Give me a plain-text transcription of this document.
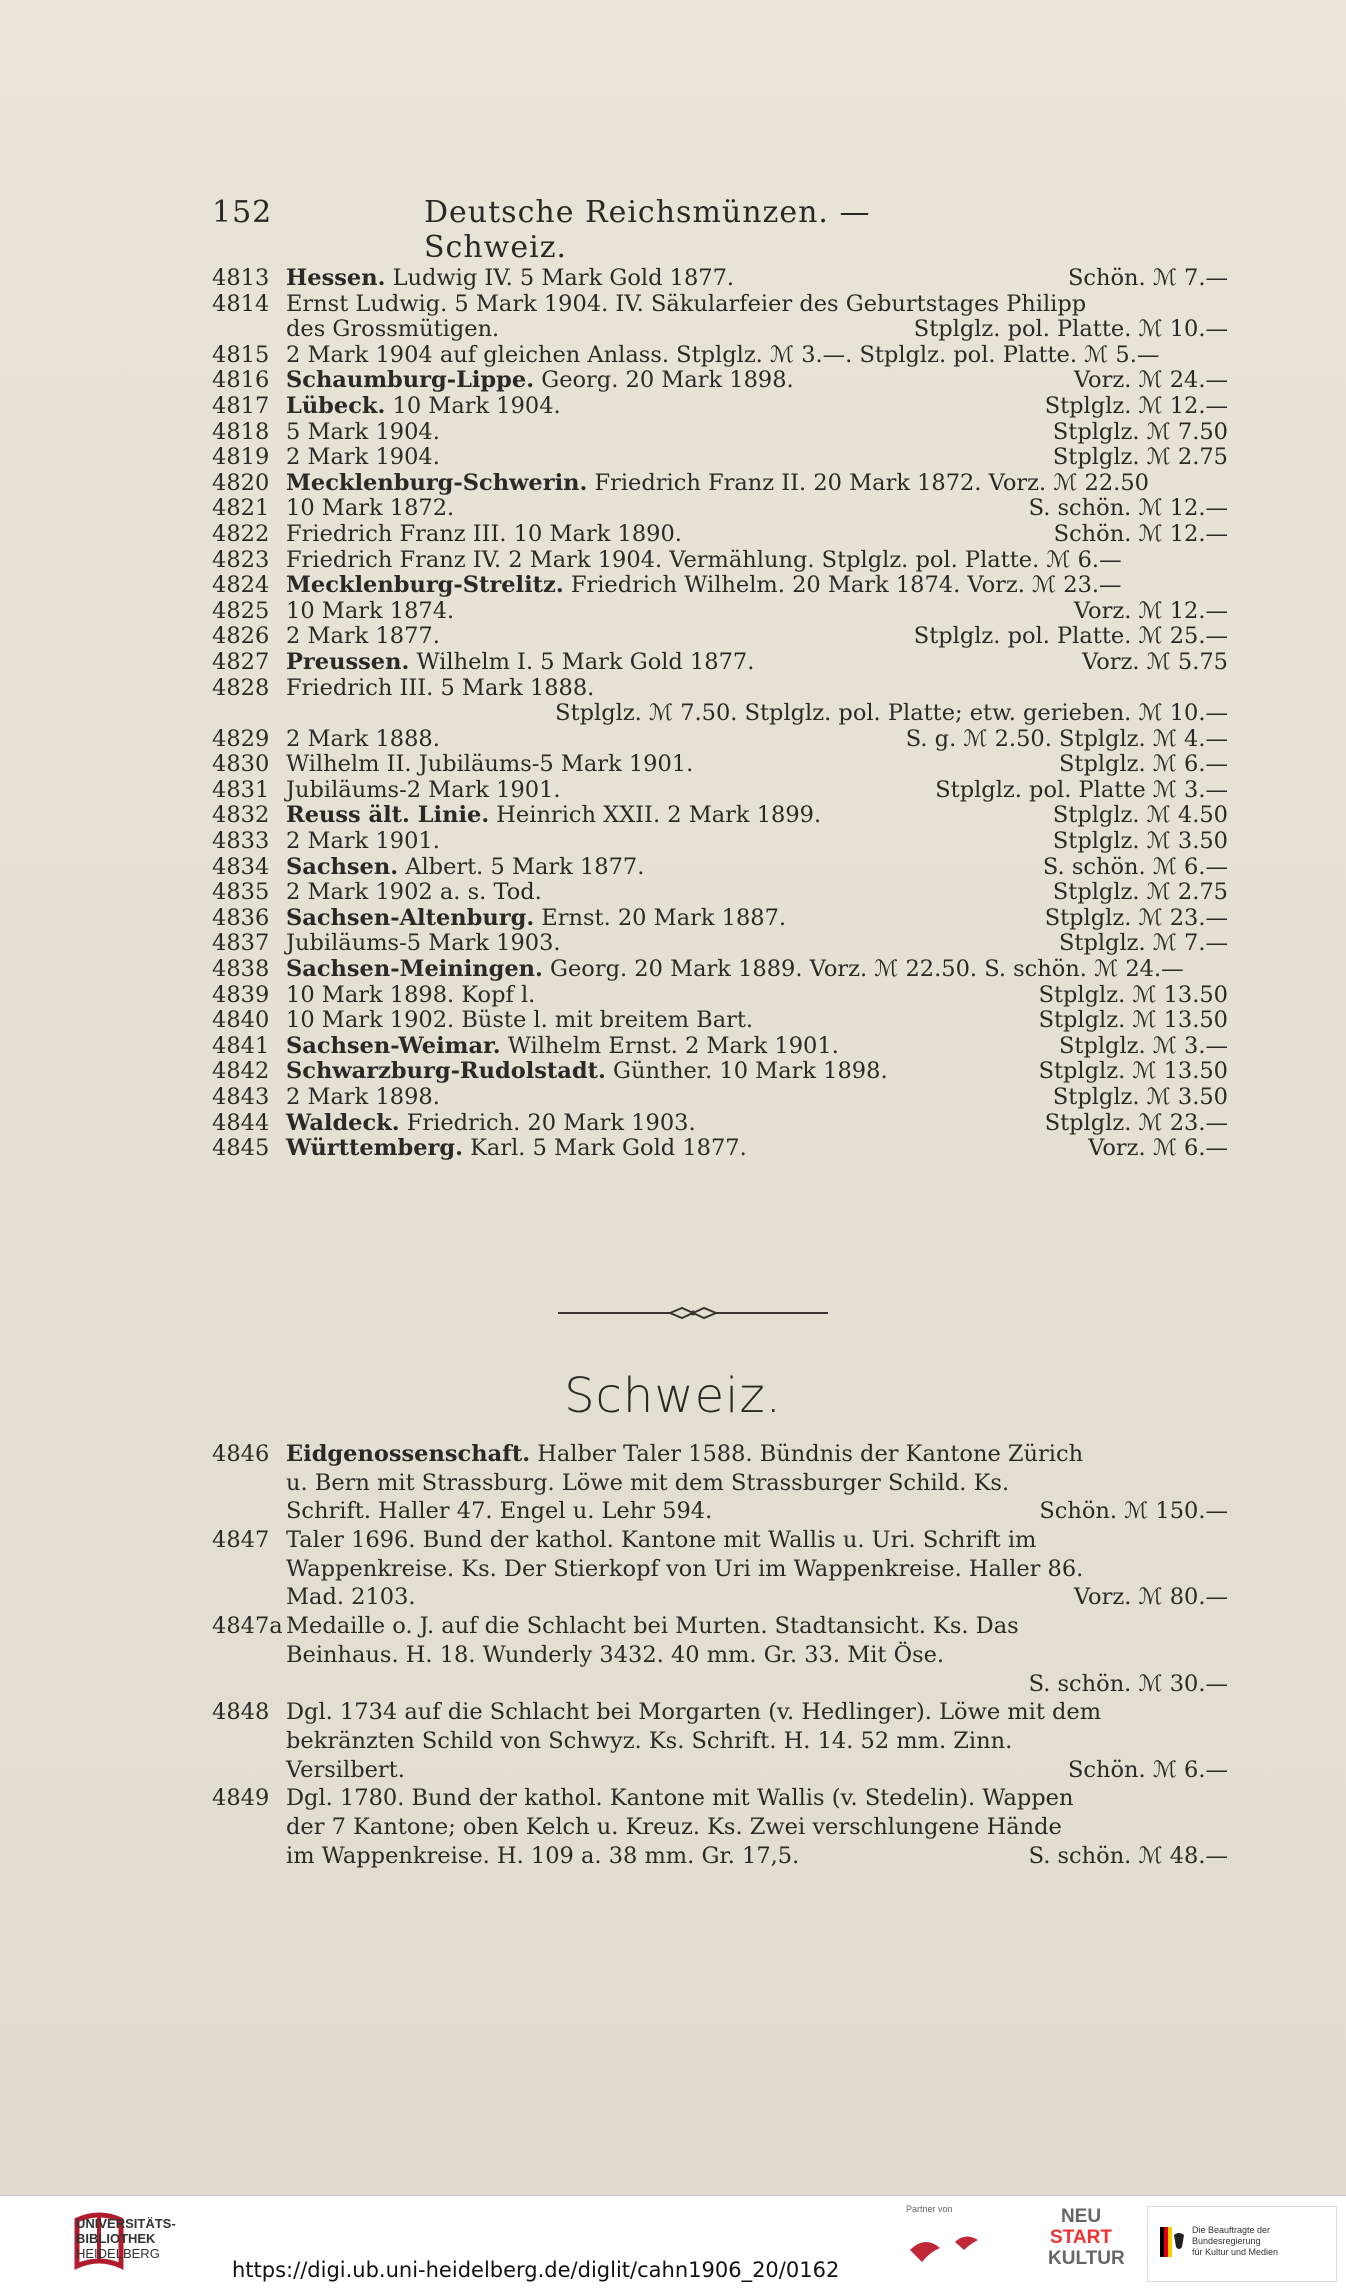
152	Deutsche Reichsmünzen. — Schweiz.
4813 Hessen. Ludwig IV. 5 Mark Gold 1877.	Schön. ℳ 7.—
4814 Ernst Ludwig. 5 Mark 1904. IV. Säkularfeier des Geburtstages Philipp
des Grossmütigen.	Stplglz. pol. Platte. ℳ 10.—
4815 2 Mark 1904 auf gleichen Anlass. Stplglz. ℳ 3.—. Stplglz. pol. Platte. ℳ 5.—
4816 Schaumburg-Lippe. Georg. 20 Mark 1898.	Vorz. ℳ 24.—
4817 Lübeck. 10 Mark 1904.	Stplglz. ℳ 12.—
4818 5 Mark 1904.	Stplglz. ℳ 7.50
4819 2 Mark 1904.	Stplglz. ℳ 2.75
4820 Mecklenburg-Schwerin. Friedrich Franz II. 20 Mark 1872. Vorz. ℳ 22.50
4821 10 Mark 1872.	S. schön. ℳ 12.—
4822 Friedrich Franz III. 10 Mark 1890.	Schön. ℳ 12.—
4823 Friedrich Franz IV. 2 Mark 1904. Vermählung. Stplglz. pol. Platte. ℳ 6.—
4824 Mecklenburg-Strelitz. Friedrich Wilhelm. 20 Mark 1874. Vorz. ℳ 23.—
4825 10 Mark 1874.	Vorz. ℳ 12.—
4826 2 Mark 1877.	Stplglz. pol. Platte. ℳ 25.—
4827 Preussen. Wilhelm I. 5 Mark Gold 1877.	Vorz. ℳ 5.75
4828 Friedrich III. 5 Mark 1888.
Stplglz. ℳ 7.50. Stplglz. pol. Platte; etw. gerieben. ℳ 10.—
4829 2 Mark 1888.	S. g. ℳ 2.50. Stplglz. ℳ 4.—
4830 Wilhelm II. Jubiläums-5 Mark 1901.	Stplglz. ℳ 6.—
4831 Jubiläums-2 Mark 1901.	Stplglz. pol. Platte ℳ 3.—
4832 Reuss ält. Linie. Heinrich XXII. 2 Mark 1899.	Stplglz. ℳ 4.50
4833 2 Mark 1901.	Stplglz. ℳ 3.50
4834 Sachsen. Albert. 5 Mark 1877.	S. schön. ℳ 6.—
4835 2 Mark 1902 a. s. Tod.	Stplglz. ℳ 2.75
4836 Sachsen-Altenburg. Ernst. 20 Mark 1887.	Stplglz. ℳ 23.—
4837 Jubiläums-5 Mark 1903.	Stplglz. ℳ 7.—
4838 Sachsen-Meiningen. Georg. 20 Mark 1889. Vorz. ℳ 22.50. S. schön. ℳ 24.—
4839 10 Mark 1898. Kopf l.	Stplglz. ℳ 13.50
4840 10 Mark 1902. Büste l. mit breitem Bart.	Stplglz. ℳ 13.50
4841 Sachsen-Weimar. Wilhelm Ernst. 2 Mark 1901.	Stplglz. ℳ 3.—
4842 Schwarzburg-Rudolstadt. Günther. 10 Mark 1898.	Stplglz. ℳ 13.50
4843 2 Mark 1898.	Stplglz. ℳ 3.50
4844 Waldeck. Friedrich. 20 Mark 1903.	Stplglz. ℳ 23.—
4845 Württemberg. Karl. 5 Mark Gold 1877.	Vorz. ℳ 6.—
Schweiz.
4846 Eidgenossenschaft. Halber Taler 1588. Bündnis der Kantone Zürich
u. Bern mit Strassburg. Löwe mit dem Strassburger Schild. Ks.
Schrift. Haller 47. Engel u. Lehr 594.	Schön. ℳ 150.—
4847 Taler 1696. Bund der kathol. Kantone mit Wallis u. Uri. Schrift im
Wappenkreise. Ks. Der Stierkopf von Uri im Wappenkreise. Haller 86.
Mad. 2103.	Vorz. ℳ 80.—
4847a Medaille o. J. auf die Schlacht bei Murten. Stadtansicht. Ks. Das
Beinhaus. H. 18. Wunderly 3432. 40 mm. Gr. 33. Mit Öse.
S. schön. ℳ 30.—
4848 Dgl. 1734 auf die Schlacht bei Morgarten (v. Hedlinger). Löwe mit dem
bekränzten Schild von Schwyz. Ks. Schrift. H. 14. 52 mm. Zinn.
Versilbert.	Schön. ℳ 6.—
4849 Dgl. 1780. Bund der kathol. Kantone mit Wallis (v. Stedelin). Wappen
der 7 Kantone; oben Kelch u. Kreuz. Ks. Zwei verschlungene Hände
im Wappenkreise. H. 109 a. 38 mm. Gr. 17,5.	S. schön. ℳ 48.—
UNIVERSITÄTS-
BIBLIOTHEK
HEIDELBERG
https://digi.ub.uni-heidelberg.de/diglit/cahn1906_20/0162
Partner von	NEU
START
KULTUR
Die Beauftragte der Bundesregierung
für Kultur und Medien
